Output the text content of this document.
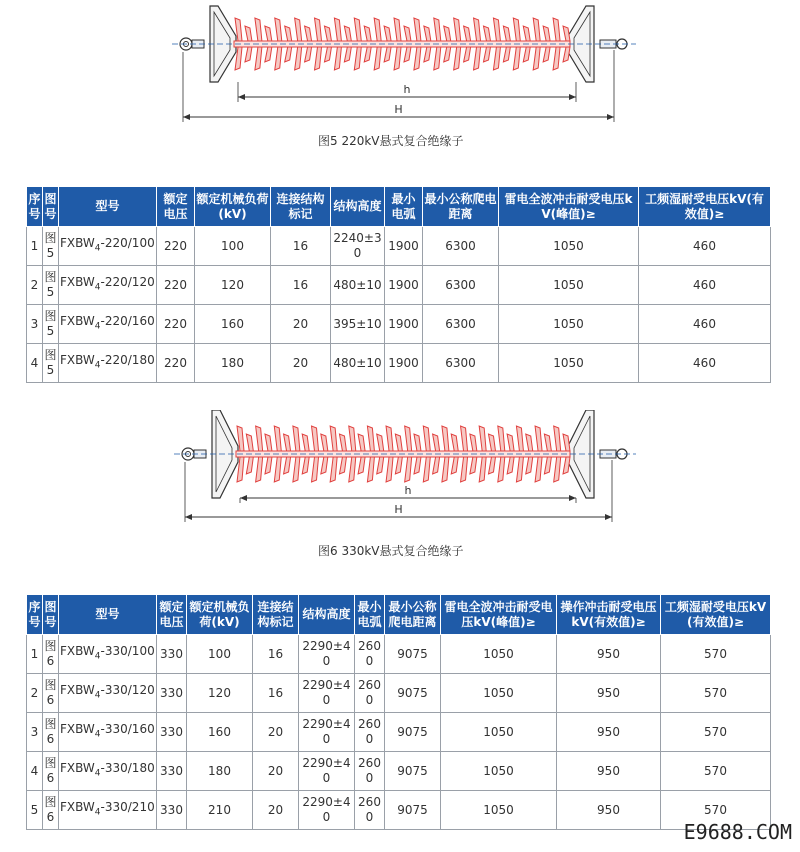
h
H
图5 220kV悬式复合绝缘子
序号	图号	型号	额定电压	额定机械负荷(kV)	连接结构标记	结构高度	最小电弧	最小公称爬电距离	雷电全波冲击耐受电压kV(峰值)≥	工频湿耐受电压kV(有效值)≥
1	图5	$FXBW_4-220/100$	220	100	16	2240±30	1900	6300	1050	460
2	图5	$FXBW_4-220/120$	220	120	16	480±10	1900	6300	1050	460
3	图5	$FXBW_4-220/160$	220	160	20	395±10	1900	6300	1050	460
4	图5	$FXBW_4-220/180$	220	180	20	480±10	1900	6300	1050	460
h
H
图6 330kV悬式复合绝缘子
序号	图号	型号	额定电压	额定机械负荷(kV)	连接结构标记	结构高度	最小电弧	最小公称爬电距离	雷电全波冲击耐受电压kV(峰值)≥	操作冲击耐受电压kV(有效值)≥	工频湿耐受电压kV(有效值)≥
1	图6	$FXBW_4-330/100$	330	100	16	2290±40	2600	9075	1050	950	570
2	图6	$FXBW_4-330/120$	330	120	16	2290±40	2600	9075	1050	950	570
3	图6	$FXBW_4-330/160$	330	160	20	2290±40	2600	9075	1050	950	570
4	图6	$FXBW_4-330/180$	330	180	20	2290±40	2600	9075	1050	950	570
5	图6	$FXBW_4-330/210$	330	210	20	2290±40	2600	9075	1050	950	570
E9688.COM
